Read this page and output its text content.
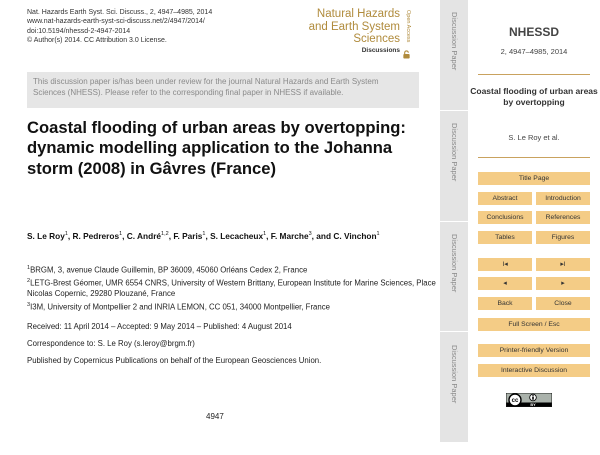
Nat. Hazards Earth Syst. Sci. Discuss., 2, 4947–4985, 2014
www.nat-hazards-earth-syst-sci-discuss.net/2/4947/2014/
doi:10.5194/nhessd-2-4947-2014
© Author(s) 2014. CC Attribution 3.0 License.
Natural Hazards
and Earth System
Sciences
Discussions
Open Access
This discussion paper is/has been under review for the journal Natural Hazards and Earth System Sciences (NHESS). Please refer to the corresponding final paper in NHESS if available.
Coastal flooding of urban areas by overtopping: dynamic modelling application to the Johanna storm (2008) in Gâvres (France)
S. Le Roy$^1$, R. Pedreros$^1$, C. André$^{1,2}$, F. Paris$^1$, S. Lecacheux$^1$, F. Marche$^3$, and C. Vinchon$^1$
$^1$BRGM, 3, avenue Claude Guillemin, BP 36009, 45060 Orléans Cedex 2, France
$^2$LETG-Brest Géomer, UMR 6554 CNRS, University of Western Brittany, European Institute for Marine Sciences, Place Nicolas Copernic, 29280 Plouzané, France
$^3$I3M, University of Montpellier 2 and INRIA LEMON, CC 051, 34000 Montpellier, France
Received: 11 April 2014 – Accepted: 9 May 2014 – Published: 4 August 2014
Correspondence to: S. Le Roy (s.leroy@brgm.fr)
Published by Copernicus Publications on behalf of the European Geosciences Union.
4947
Discussion Paper
Discussion Paper
Discussion Paper
Discussion Paper
NHESSD
2, 4947–4985, 2014
Coastal flooding of urban areas by overtopping
S. Le Roy et al.
Title Page
Abstract	Introduction
Conclusions	References
Tables	Figures
I◂	▸I
◂	▸
Back	Close
Full Screen / Esc
Printer-friendly Version
Interactive Discussion
cc
BY
